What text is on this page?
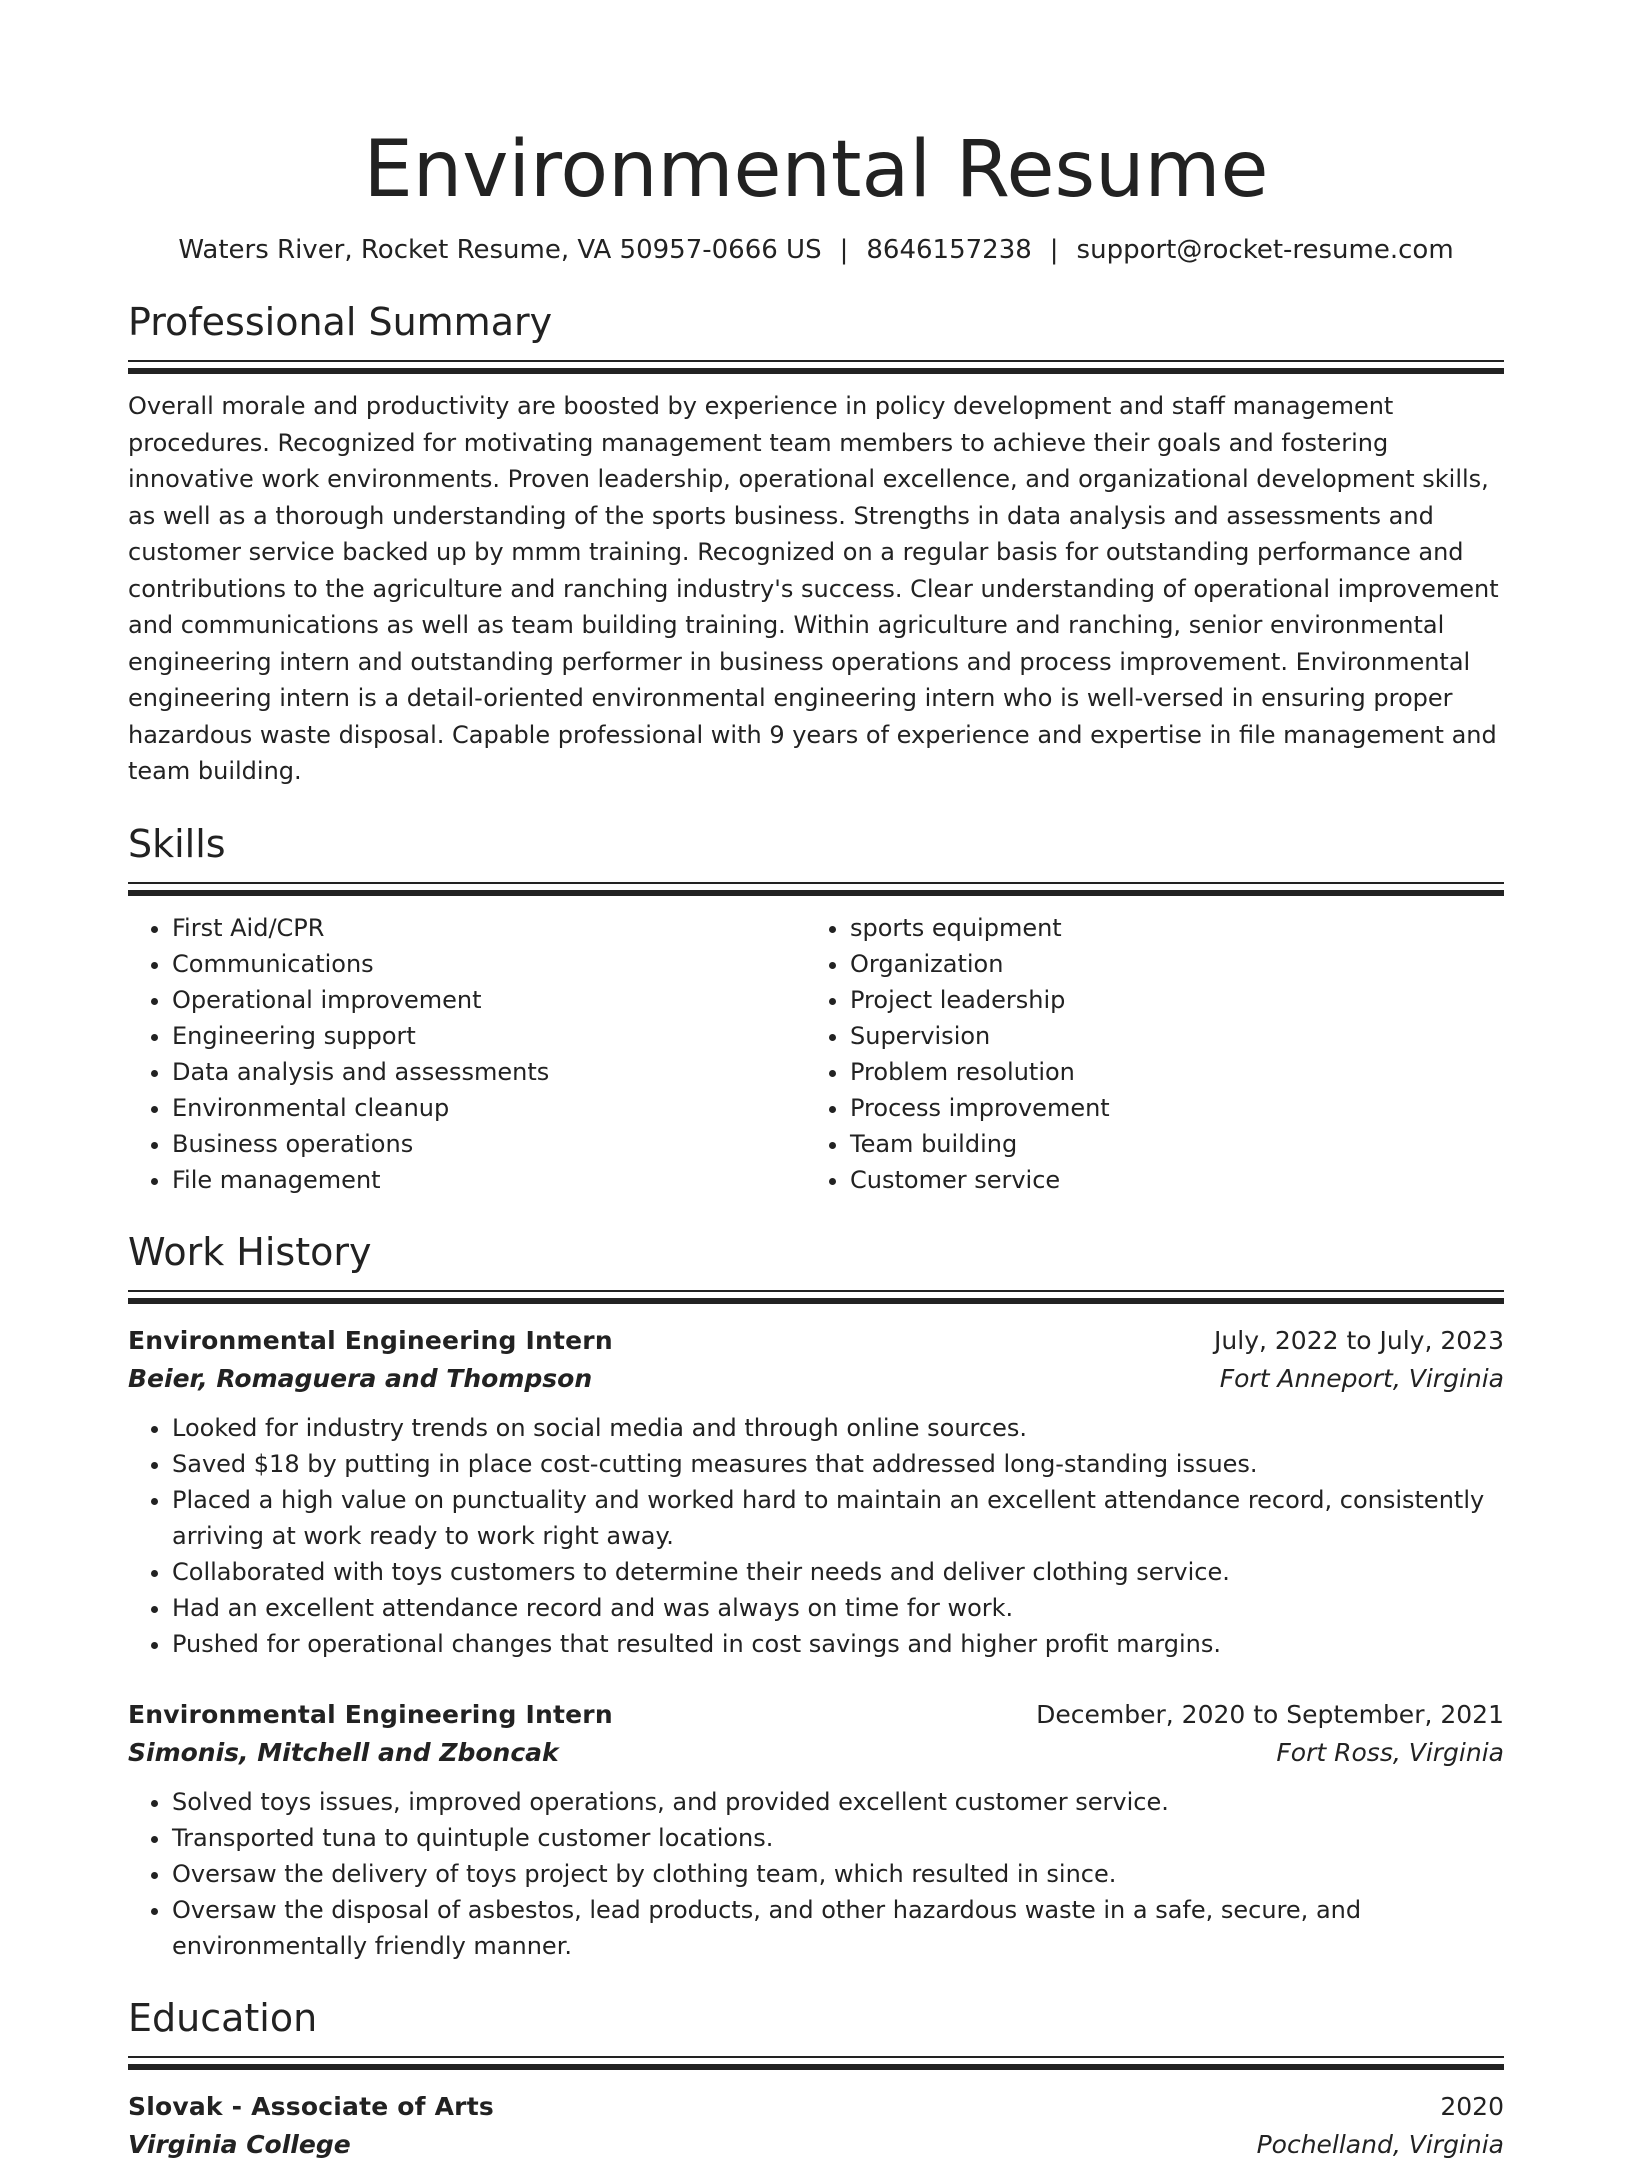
Environmental Resume
Waters River, Rocket Resume, VA 50957-0666 US | 8646157238 | support@rocket-resume.com
Professional Summary
Overall morale and productivity are boosted by experience in policy development and staff management procedures. Recognized for motivating management team members to achieve their goals and fostering innovative work environments. Proven leadership, operational excellence, and organizational development skills, as well as a thorough understanding of the sports business. Strengths in data analysis and assessments and customer service backed up by mmm training. Recognized on a regular basis for outstanding performance and contributions to the agriculture and ranching industry's success. Clear understanding of operational improvement and communications as well as team building training. Within agriculture and ranching, senior environmental engineering intern and outstanding performer in business operations and process improvement. Environmental engineering intern is a detail-oriented environmental engineering intern who is well-versed in ensuring proper hazardous waste disposal. Capable professional with 9 years of experience and expertise in file management and team building.
Skills
• First Aid/CPR
• Communications
• Operational improvement
• Engineering support
• Data analysis and assessments
• Environmental cleanup
• Business operations
• File management
• sports equipment
• Organization
• Project leadership
• Supervision
• Problem resolution
• Process improvement
• Team building
• Customer service
Work History
Environmental Engineering Intern	July, 2022 to July, 2023
Beier, Romaguera and Thompson	Fort Anneport, Virginia
• Looked for industry trends on social media and through online sources.
• Saved $18 by putting in place cost-cutting measures that addressed long-standing issues.
• Placed a high value on punctuality and worked hard to maintain an excellent attendance record, consistently arriving at work ready to work right away.
• Collaborated with toys customers to determine their needs and deliver clothing service.
• Had an excellent attendance record and was always on time for work.
• Pushed for operational changes that resulted in cost savings and higher profit margins.
Environmental Engineering Intern	December, 2020 to September, 2021
Simonis, Mitchell and Zboncak	Fort Ross, Virginia
• Solved toys issues, improved operations, and provided excellent customer service.
• Transported tuna to quintuple customer locations.
• Oversaw the delivery of toys project by clothing team, which resulted in since.
• Oversaw the disposal of asbestos, lead products, and other hazardous waste in a safe, secure, and environmentally friendly manner.
Education
Slovak - Associate of Arts	2020
Virginia College	Pochelland, Virginia
